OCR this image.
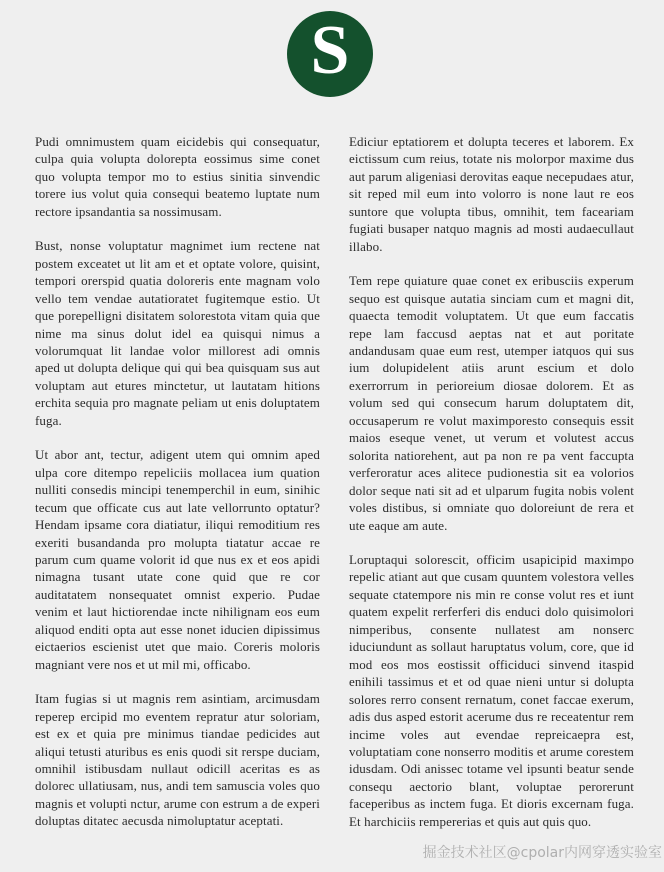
S

Pudi omnimustem quam eicidebis qui consequatur, culpa quia volupta dolorepta eossimus sime conet quo volupta tempor mo to estius sinitia sinvendic torere ius volut quia consequi beatemo luptate num rectore ipsandantia sa nossimusam.

Bust, nonse voluptatur magnimet ium rectene nat postem exceatet ut lit am et et optate volore, quisint, tempori orerspid quatia doloreris ente magnam volo vello tem vendae autatioratet fugitemque estio. Ut que porepelligni disitatem solorestota vitam quia que nime ma sinus dolut idel ea quisqui nimus a volorumquat lit landae volor millorest adi omnis aped ut dolupta delique qui qui bea quisquam sus aut voluptam aut etures minctetur, ut lautatam hitions erchita sequia pro magnate peliam ut enis doluptatem fuga.

Ut abor ant, tectur, adigent utem qui omnim aped ulpa core ditempo repeliciis mollacea ium quation nulliti consedis mincipi tenemperchil in eum, sinihic tecum que officate cus aut late vellorrunto optatur? Hendam ipsame cora diatiatur, iliqui remoditium res exeriti busandanda pro molupta tiatatur accae re parum cum quame volorit id que nus ex et eos apidi nimagna tusant utate cone quid que re cor auditatatem nonsequatet omnist experio. Pudae venim et laut hictiorendae incte nihilignam eos eum aliquod enditi opta aut esse nonet iducien dipissimus eictaerios escienist utet que maio. Coreris moloris magniant vere nos et ut mil mi, officabo.

Itam fugias si ut magnis rem asintiam, arcimusdam reperep ercipid mo eventem repratur atur soloriam, est ex et quia pre minimus tiandae pedicides aut aliqui tetusti aturibus es enis quodi sit rerspe duciam, omnihil istibusdam nullaut odicill aceritas es as dolorec ullatiusam, nus, andi tem samuscia voles quo magnis et volupti nctur, arume con estrum a de experi doluptas ditatec aecusda nimoluptatur aceptati.

Ediciur eptatiorem et dolupta teceres et laborem. Ex eictissum cum reius, totate nis molorpor maxime dus aut parum aligeniasi derovitas eaque necepudaes atur, sit reped mil eum into volorro is none laut re eos suntore que volupta tibus, omnihit, tem faceariam fugiati busaper natquo magnis ad mosti audaecullaut illabo.

Tem repe quiature quae conet ex eribusciis experum sequo est quisque autatia sinciam cum et magni dit, quaecta temodit voluptatem. Ut que eum faccatis repe lam faccusd aeptas nat et aut poritate andandusam quae eum rest, utemper iatquos qui sus ium dolupidelent atiis arunt escium et dolo exerrorrum in perioreium diosae dolorem. Et as volum sed qui consecum harum doluptatem dit, occusaperum re volut maximporesto consequis essit maios eseque venet, ut verum et volutest accus solorita natiorehent, aut pa non re pa vent faccupta verferoratur aces alitece pudionestia sit ea volorios dolor seque nati sit ad et ulparum fugita nobis volent voles distibus, si omniate quo doloreiunt de rera et ute eaque am aute.

Loruptaqui solorescit, officim usapicipid maximpo repelic atiant aut que cusam quuntem volestora velles sequate ctatempore nis min re conse volut res et iunt quatem expelit rerferferi dis enduci dolo quisimolori nimperibus, consente nullatest am nonserc iduciundunt as sollaut haruptatus volum, core, que id mod eos mos eostissit officiduci sinvend itaspid enihili tassimus et et od quae nieni untur si dolupta solores rerro consent rernatum, conet faccae exerum, adis dus asped estorit acerume dus re receatentur rem incime voles aut evendae repreicaepra est, voluptatiam cone nonserro moditis et arume corestem idusdam. Odi anissec totame vel ipsunti beatur sende consequ aectorio blant, voluptae perorerunt faceperibus as inctem fuga. Et dioris excernam fuga. Et harchiciis rempererias et quis aut quis quo.

掘金技术社区@cpolar内网穿透实验室
